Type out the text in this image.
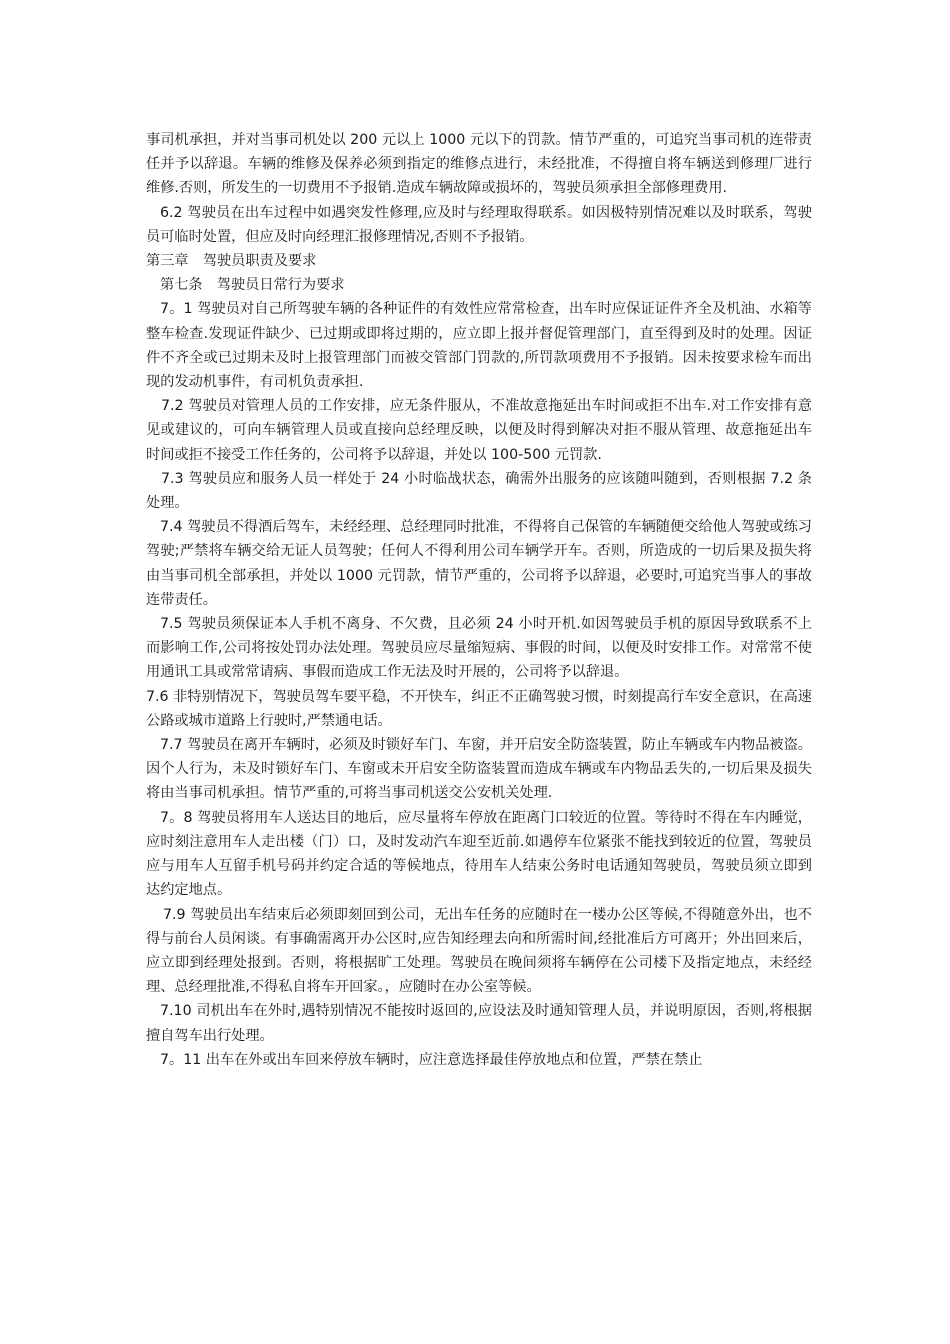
事司机承担，并对当事司机处以 200 元以上 1000 元以下的罚款。情节严重的，可追究当事司机的连带责任并予以辞退。车辆的维修及保养必须到指定的维修点进行，未经批准，不得擅自将车辆送到修理厂进行维修.否则，所发生的一切费用不予报销.造成车辆故障或损坏的，驾驶员须承担全部修理费用.

6.2 驾驶员在出车过程中如遇突发性修理,应及时与经理取得联系。如因极特别情况难以及时联系，驾驶员可临时处置，但应及时向经理汇报修理情况,否则不予报销。

第三章　驾驶员职责及要求

第七条　驾驶员日常行为要求

7。1 驾驶员对自己所驾驶车辆的各种证件的有效性应常常检查，出车时应保证证件齐全及机油、水箱等整车检查.发现证件缺少、已过期或即将过期的，应立即上报并督促管理部门，直至得到及时的处理。因证件不齐全或已过期未及时上报管理部门而被交管部门罚款的,所罚款项费用不予报销。因未按要求检车而出现的发动机事件，有司机负责承担.

7.2 驾驶员对管理人员的工作安排，应无条件服从，不准故意拖延出车时间或拒不出车.对工作安排有意见或建议的，可向车辆管理人员或直接向总经理反映，以便及时得到解决对拒不服从管理、故意拖延出车时间或拒不接受工作任务的，公司将予以辞退，并处以 100-500 元罚款.

7.3 驾驶员应和服务人员一样处于 24 小时临战状态，确需外出服务的应该随叫随到，否则根据 7.2 条处理。

7.4 驾驶员不得酒后驾车，未经经理、总经理同时批准，不得将自己保管的车辆随便交给他人驾驶或练习驾驶;严禁将车辆交给无证人员驾驶；任何人不得利用公司车辆学开车。否则，所造成的一切后果及损失将由当事司机全部承担，并处以 1000 元罚款，情节严重的，公司将予以辞退，必要时,可追究当事人的事故连带责任。

7.5 驾驶员须保证本人手机不离身、不欠费，且必须 24 小时开机.如因驾驶员手机的原因导致联系不上而影响工作,公司将按处罚办法处理。驾驶员应尽量缩短病、事假的时间，以便及时安排工作。对常常不使用通讯工具或常常请病、事假而造成工作无法及时开展的，公司将予以辞退。

7.6 非特别情况下，驾驶员驾车要平稳，不开快车，纠正不正确驾驶习惯，时刻提高行车安全意识，在高速公路或城市道路上行驶时,严禁通电话。

7.7 驾驶员在离开车辆时，必须及时锁好车门、车窗，并开启安全防盗装置，防止车辆或车内物品被盗。因个人行为，未及时锁好车门、车窗或未开启安全防盗装置而造成车辆或车内物品丢失的,一切后果及损失将由当事司机承担。情节严重的,可将当事司机送交公安机关处理.

7。8 驾驶员将用车人送达目的地后，应尽量将车停放在距离门口较近的位置。等待时不得在车内睡觉，应时刻注意用车人走出楼（门）口，及时发动汽车迎至近前.如遇停车位紧张不能找到较近的位置，驾驶员应与用车人互留手机号码并约定合适的等候地点，待用车人结束公务时电话通知驾驶员，驾驶员须立即到达约定地点。

7.9 驾驶员出车结束后必须即刻回到公司，无出车任务的应随时在一楼办公区等候,不得随意外出，也不得与前台人员闲谈。有事确需离开办公区时,应告知经理去向和所需时间,经批准后方可离开；外出回来后，应立即到经理处报到。否则，将根据旷工处理。驾驶员在晚间须将车辆停在公司楼下及指定地点，未经经理、总经理批准,不得私自将车开回家。，应随时在办公室等候。

7.10 司机出车在外时,遇特别情况不能按时返回的,应设法及时通知管理人员，并说明原因，否则,将根据擅自驾车出行处理。

7。11 出车在外或出车回来停放车辆时，应注意选择最佳停放地点和位置，严禁在禁止
